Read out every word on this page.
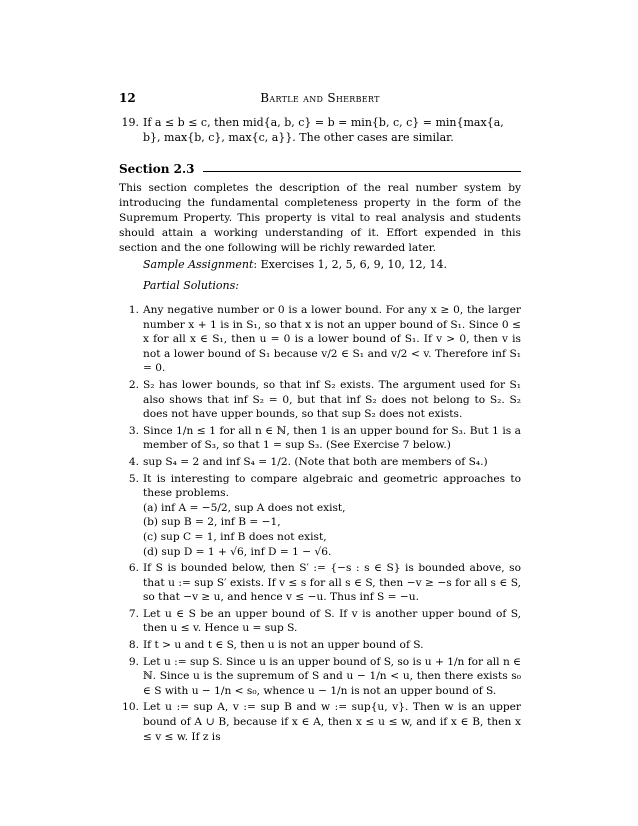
12	Bartle and Sherbert
19. If a ≤ b ≤ c, then mid{a, b, c} = b = min{b, c, c} = min{max{a, b}, max{b, c}, max{c, a}}. The other cases are similar.
Section 2.3

This section completes the description of the real number system by introducing the fundamental completeness property in the form of the Supremum Property. This property is vital to real analysis and students should attain a working understanding of it. Effort expended in this section and the one following will be richly rewarded later.

Sample Assignment: Exercises 1, 2, 5, 6, 9, 10, 12, 14.

Partial Solutions:

1. Any negative number or 0 is a lower bound. For any x ≥ 0, the larger number x + 1 is in S₁, so that x is not an upper bound of S₁. Since 0 ≤ x for all x ∈ S₁, then u = 0 is a lower bound of S₁. If v > 0, then v is not a lower bound of S₁ because v/2 ∈ S₁ and v/2 < v. Therefore inf S₁ = 0.
2. S₂ has lower bounds, so that inf S₂ exists. The argument used for S₁ also shows that inf S₂ = 0, but that inf S₂ does not belong to S₂. S₂ does not have upper bounds, so that sup S₂ does not exists.
3. Since 1/n ≤ 1 for all n ∈ ℕ, then 1 is an upper bound for S₃. But 1 is a member of S₃, so that 1 = sup S₃. (See Exercise 7 below.)
4. sup S₄ = 2 and inf S₄ = 1/2. (Note that both are members of S₄.)
5. It is interesting to compare algebraic and geometric approaches to these problems.
(a) inf A = −5/2, sup A does not exist,
(b) sup B = 2, inf B = −1,
(c) sup C = 1, inf B does not exist,
(d) sup D = 1 + √6, inf D = 1 − √6.
6. If S is bounded below, then S′ := {−s : s ∈ S} is bounded above, so that u := sup S′ exists. If v ≤ s for all s ∈ S, then −v ≥ −s for all s ∈ S, so that −v ≥ u, and hence v ≤ −u. Thus inf S = −u.
7. Let u ∈ S be an upper bound of S. If v is another upper bound of S, then u ≤ v. Hence u = sup S.
8. If t > u and t ∈ S, then u is not an upper bound of S.
9. Let u := sup S. Since u is an upper bound of S, so is u + 1/n for all n ∈ ℕ. Since u is the supremum of S and u − 1/n < u, then there exists s₀ ∈ S with u − 1/n < s₀, whence u − 1/n is not an upper bound of S.
10. Let u := sup A, v := sup B and w := sup{u, v}. Then w is an upper bound of A ∪ B, because if x ∈ A, then x ≤ u ≤ w, and if x ∈ B, then x ≤ v ≤ w. If z is
